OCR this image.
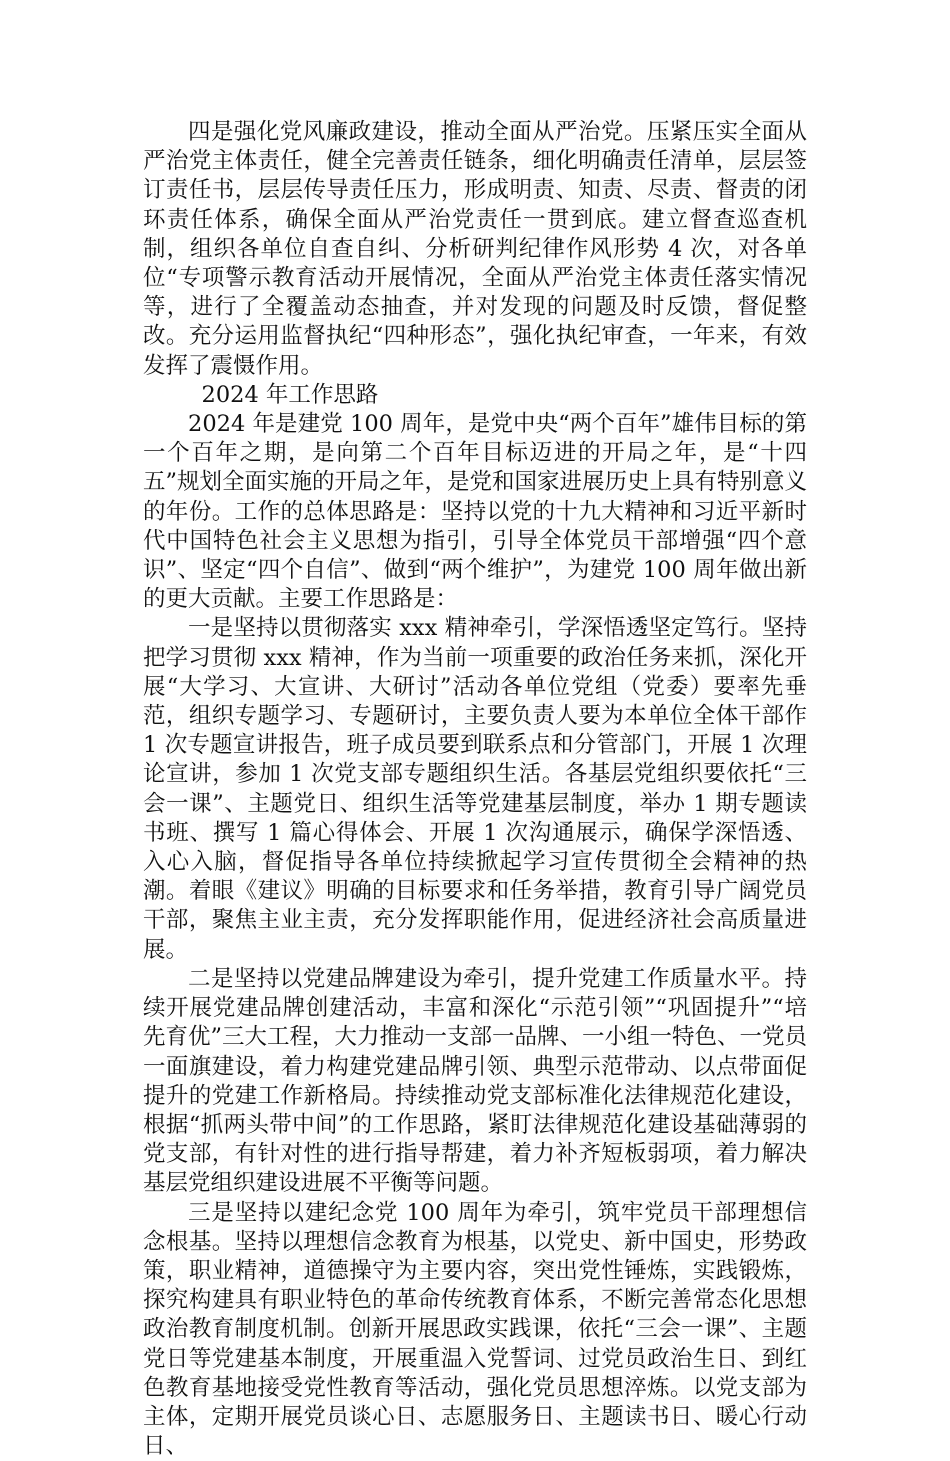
四是强化党风廉政建设，推动全面从严治党。压紧压实全面从严治党主体责任，健全完善责任链条，细化明确责任清单，层层签订责任书，层层传导责任压力，形成明责、知责、尽责、督责的闭环责任体系，确保全面从严治党责任一贯到底。建立督查巡查机制，组织各单位自查自纠、分析研判纪律作风形势 4 次，对各单位“专项警示教育活动开展情况，全面从严治党主体责任落实情况等，进行了全覆盖动态抽查，并对发现的问题及时反馈，督促整改。充分运用监督执纪“四种形态”，强化执纪审查，一年来，有效发挥了震慑作用。

2024 年工作思路

2024 年是建党 100 周年，是党中央“两个百年”雄伟目标的第一个百年之期，是向第二个百年目标迈进的开局之年，是“十四五”规划全面实施的开局之年，是党和国家进展历史上具有特别意义的年份。工作的总体思路是：坚持以党的十九大精神和习近平新时代中国特色社会主义思想为指引，引导全体党员干部增强“四个意识”、坚定“四个自信”、做到“两个维护”，为建党 100 周年做出新的更大贡献。主要工作思路是：

一是坚持以贯彻落实 xxx 精神牵引，学深悟透坚定笃行。坚持把学习贯彻 xxx 精神，作为当前一项重要的政治任务来抓，深化开展“大学习、大宣讲、大研讨”活动各单位党组（党委）要率先垂范，组织专题学习、专题研讨，主要负责人要为本单位全体干部作 1 次专题宣讲报告，班子成员要到联系点和分管部门，开展 1 次理论宣讲，参加 1 次党支部专题组织生活。各基层党组织要依托“三会一课”、主题党日、组织生活等党建基层制度，举办 1 期专题读书班、撰写 1 篇心得体会、开展 1 次沟通展示，确保学深悟透、入心入脑，督促指导各单位持续掀起学习宣传贯彻全会精神的热潮。着眼《建议》明确的目标要求和任务举措，教育引导广阔党员干部，聚焦主业主责，充分发挥职能作用，促进经济社会高质量进展。

二是坚持以党建品牌建设为牵引，提升党建工作质量水平。持续开展党建品牌创建活动，丰富和深化“示范引领”“巩固提升”“培先育优”三大工程，大力推动一支部一品牌、一小组一特色、一党员一面旗建设，着力构建党建品牌引领、典型示范带动、以点带面促提升的党建工作新格局。持续推动党支部标准化法律规范化建设，根据“抓两头带中间”的工作思路，紧盯法律规范化建设基础薄弱的党支部，有针对性的进行指导帮建，着力补齐短板弱项，着力解决基层党组织建设进展不平衡等问题。

三是坚持以建纪念党 100 周年为牵引，筑牢党员干部理想信念根基。坚持以理想信念教育为根基，以党史、新中国史，形势政策，职业精神，道德操守为主要内容，突出党性锤炼，实践锻炼，探究构建具有职业特色的革命传统教育体系，不断完善常态化思想政治教育制度机制。创新开展思政实践课，依托“三会一课”、主题党日等党建基本制度，开展重温入党誓词、过党员政治生日、到红色教育基地接受党性教育等活动，强化党员思想淬炼。以党支部为主体，定期开展党员谈心日、志愿服务日、主题读书日、暖心行动日、
